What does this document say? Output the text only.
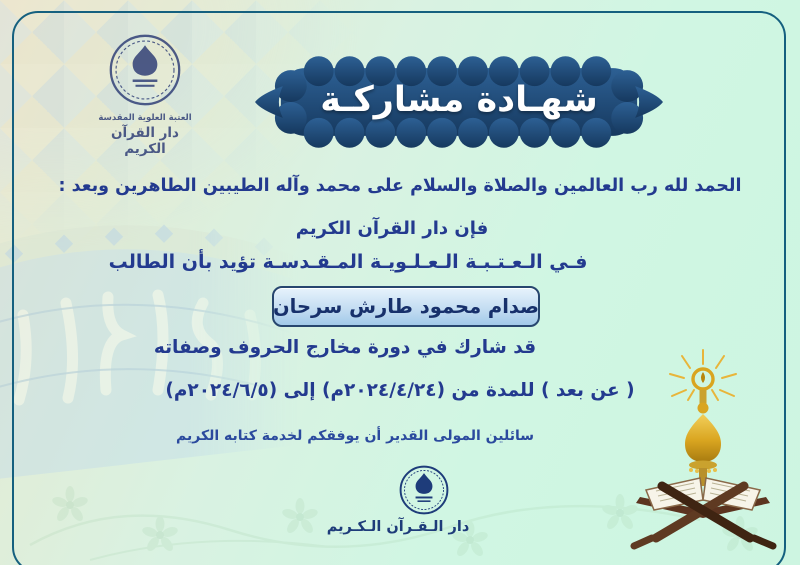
العتبة العلوية المقدسة
دار القرآن الكريم
شهـادة مشاركـة
الحمد لله رب العالمين والصلاة والسلام على محمد وآله الطيبين الطاهرين وبعد :
فإن دار القرآن الكريم
فـي الـعـتـبـة الـعـلـويـة المـقـدسـة تؤيد بأن الطالب
صدام محمود طارش سرحان
قد شارك في دورة مخارج الحروف وصفاته
( عن بعد ) للمدة من (٢٠٢٤/٤/٢٤م) إلى (٢٠٢٤/٦/٥م)
سائلين المولى القدير أن يوفقكم لخدمة كتابه الكريم
دار الـقـرآن الـكـريم
